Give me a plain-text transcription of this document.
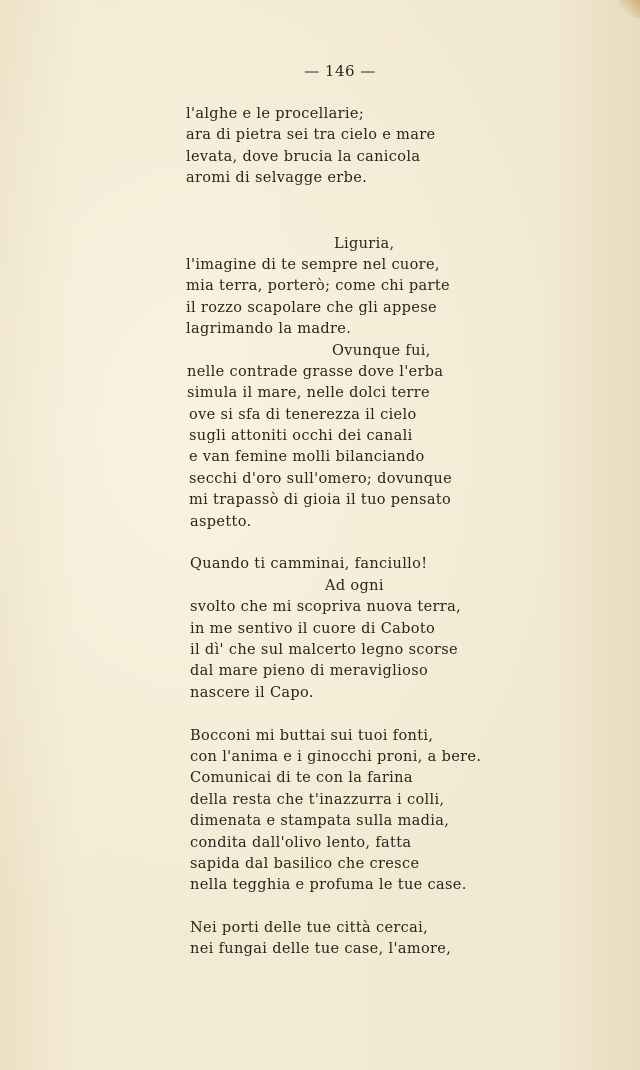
— 146 —
l'alghe e le procellarie;
ara di pietra sei tra cielo e mare
levata, dove brucia la canicola
aromi di selvagge erbe.
Liguria,
l'imagine di te sempre nel cuore,
mia terra, porterò; come chi parte
il rozzo scapolare che gli appese
lagrimando la madre.
Ovunque fui,
nelle contrade grasse dove l'erba
simula il mare, nelle dolci terre
ove si sfa di tenerezza il cielo
sugli attoniti occhi dei canali
e van femine molli bilanciando
secchi d'oro sull'omero; dovunque
mi trapassò di gioia il tuo pensato
aspetto.
Quando ti camminai, fanciullo!
Ad ogni
svolto che mi scopriva nuova terra,
in me sentivo il cuore di Caboto
il dì' che sul malcerto legno scorse
dal mare pieno di meraviglioso
nascere il Capo.
Bocconi mi buttai sui tuoi fonti,
con l'anima e i ginocchi proni, a bere.
Comunicai di te con la farina
della resta che t'inazzurra i colli,
dimenata e stampata sulla madia,
condita dall'olivo lento, fatta
sapida dal basilico che cresce
nella tegghia e profuma le tue case.
Nei porti delle tue città cercai,
nei fungai delle tue case, l'amore,
